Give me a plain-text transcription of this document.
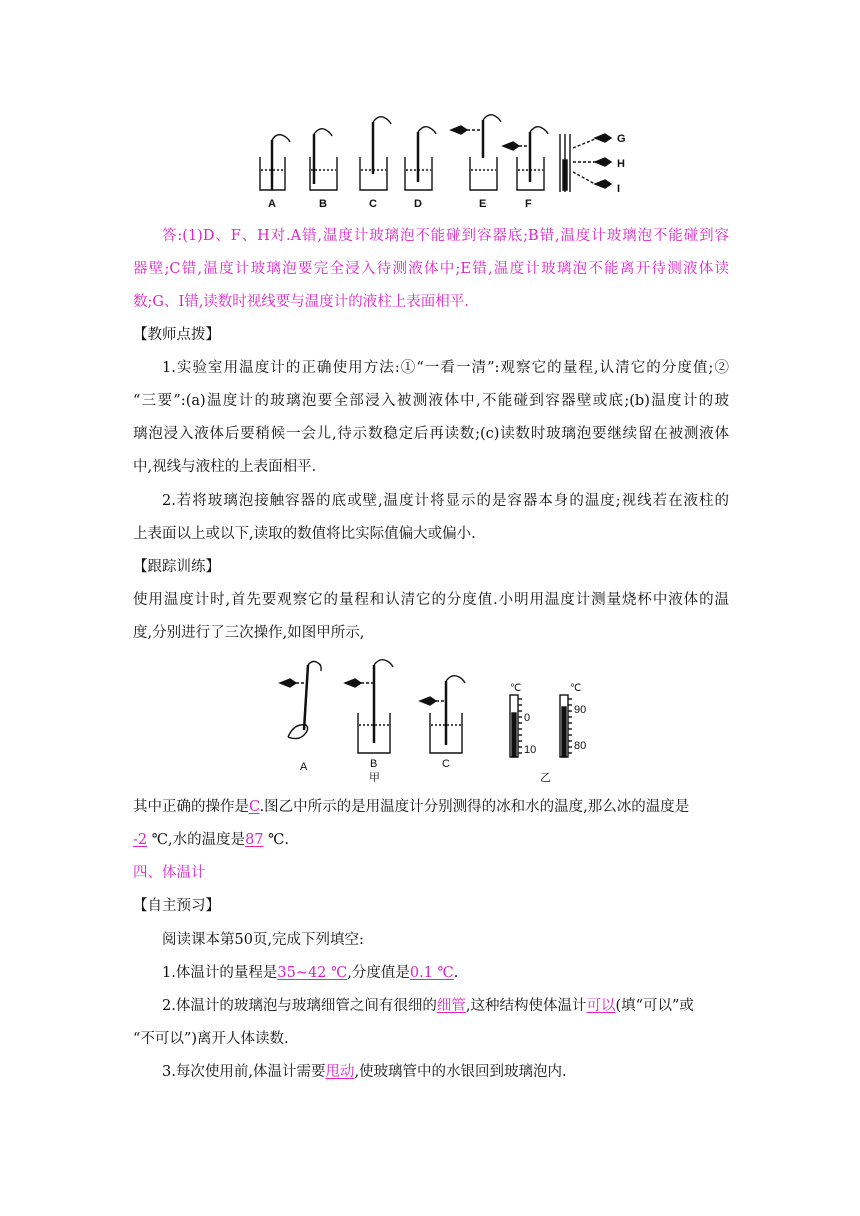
A	B	C	D	E	F
G
H
I
答:(1)D、F、H对.A错,温度计玻璃泡不能碰到容器底;B错,温度计玻璃泡不能碰到容
器壁;C错,温度计玻璃泡要完全浸入待测液体中;E错,温度计玻璃泡不能离开待测液体读
数;G、I错,读数时视线要与温度计的液柱上表面相平.
【教师点拨】
1.实验室用温度计的正确使用方法:①“一看一清”:观察它的量程,认清它的分度值;②
“三要”:(a)温度计的玻璃泡要全部浸入被测液体中,不能碰到容器壁或底;(b)温度计的玻
璃泡浸入液体后要稍候一会儿,待示数稳定后再读数;(c)读数时玻璃泡要继续留在被测液体
中,视线与液柱的上表面相平.
2.若将玻璃泡接触容器的底或壁,温度计将显示的是容器本身的温度;视线若在液柱的
上表面以上或以下,读取的数值将比实际值偏大或偏小.
【跟踪训练】
使用温度计时,首先要观察它的量程和认清它的分度值.小明用温度计测量烧杯中液体的温
度,分别进行了三次操作,如图甲所示,
A	B	C
甲	乙
℃
0
10
℃
90
80
其中正确的操作是C.图乙中所示的是用温度计分别测得的冰和水的温度,那么冰的温度是
-2 ℃,水的温度是87 ℃.
四、体温计
【自主预习】
阅读课本第50页,完成下列填空:
1.体温计的量程是35~42 ℃,分度值是0.1 ℃.
2.体温计的玻璃泡与玻璃细管之间有很细的细管,这种结构使体温计可以(填“可以”或
“不可以”)离开人体读数.
3.每次使用前,体温计需要甩动,使玻璃管中的水银回到玻璃泡内.
